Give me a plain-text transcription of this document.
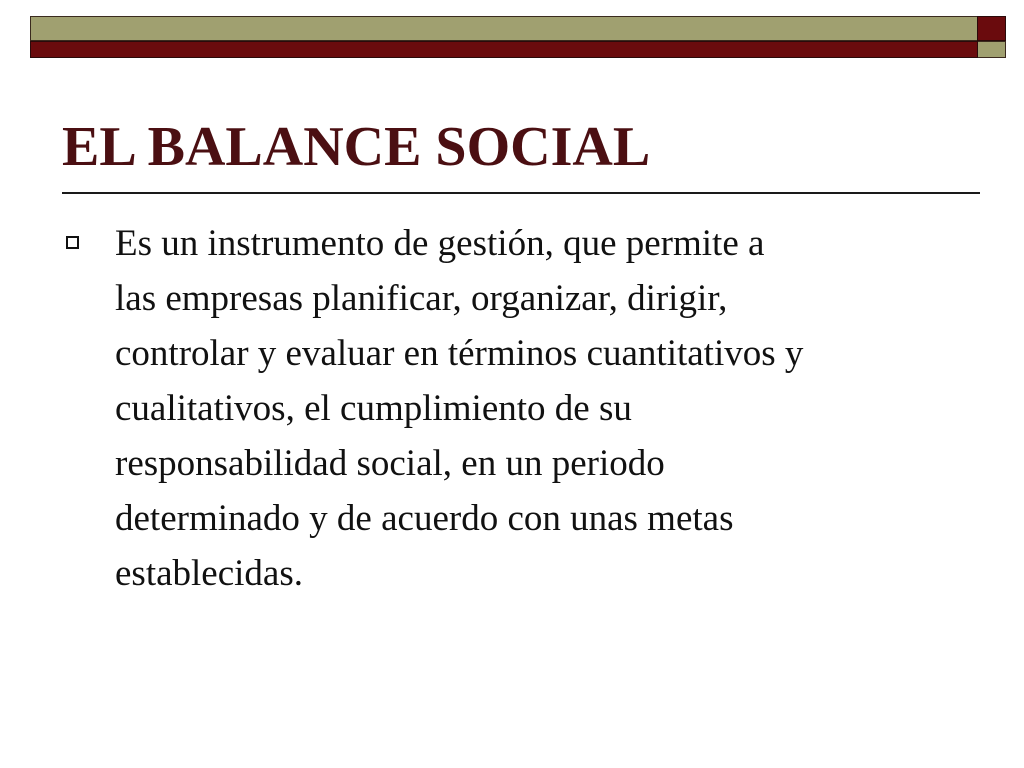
EL BALANCE SOCIAL

Es un instrumento de gestión, que permite a
las empresas planificar, organizar, dirigir,
controlar y evaluar en términos cuantitativos y
cualitativos, el cumplimiento de su
responsabilidad social, en un periodo
determinado y de acuerdo con unas metas
establecidas.
